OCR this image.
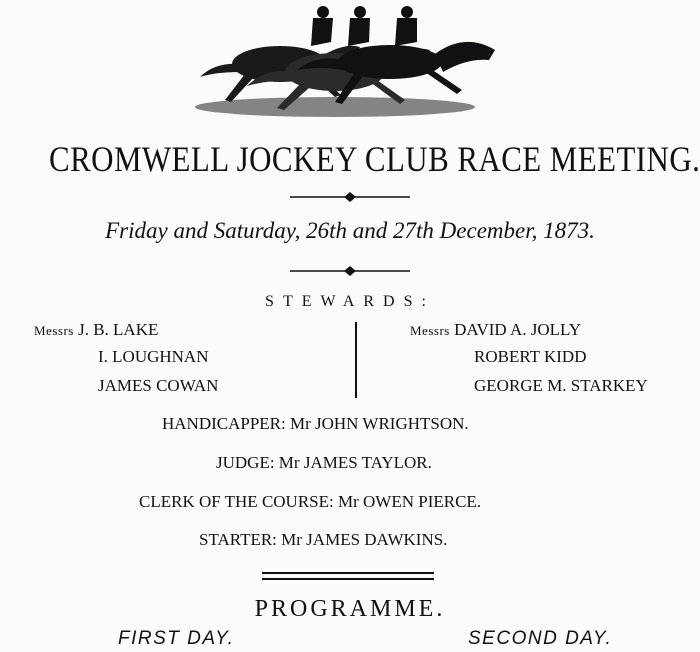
CROMWELL JOCKEY CLUB RACE MEETING.
Friday and Saturday, 26th and 27th December, 1873.
STEWARDS:
Messrs J. B. LAKE
I. LOUGHNAN
JAMES COWAN
Messrs DAVID A. JOLLY
ROBERT KIDD
GEORGE M. STARKEY
HANDICAPPER: Mr JOHN WRIGHTSON.
JUDGE: Mr JAMES TAYLOR.
CLERK OF THE COURSE: Mr OWEN PIERCE.
STARTER: Mr JAMES DAWKINS.
PROGRAMME.
FIRST DAY.	SECOND DAY.
